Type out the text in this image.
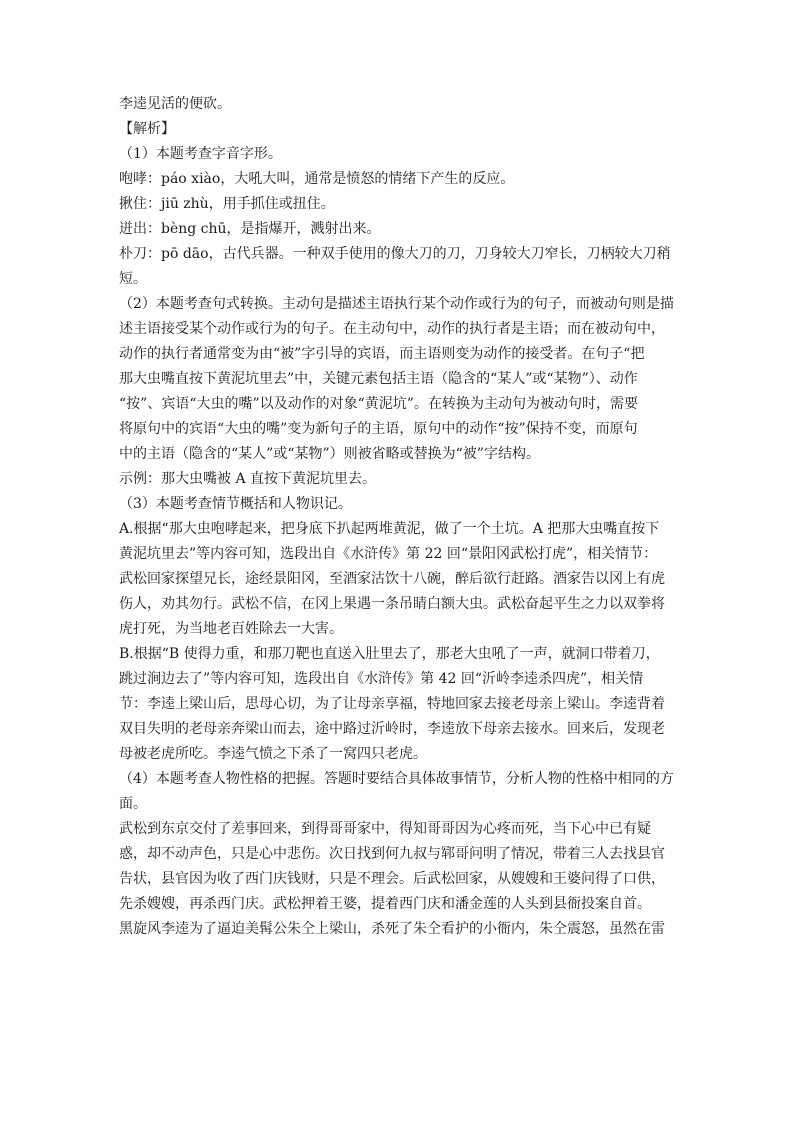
李逵见活的便砍。
【解析】
（1）本题考查字音字形。
咆哮：páo xiào，大吼大叫，通常是愤怒的情绪下产生的反应。
揪住：jiū zhù，用手抓住或扭住。
迸出：bèng chū，是指爆开，溅射出来。
朴刀：pō dāo，古代兵器。一种双手使用的像大刀的刀，刀身较大刀窄长，刀柄较大刀稍
短。
（2）本题考查句式转换。主动句是描述主语执行某个动作或行为的句子，而被动句则是描
述主语接受某个动作或行为的句子。在主动句中，动作的执行者是主语；而在被动句中，
动作的执行者通常变为由“被”字引导的宾语，而主语则变为动作的接受者。在句子“把
那大虫嘴直按下黄泥坑里去”中，关键元素包括主语（隐含的“某人”或“某物”）、动作
“按”、宾语“大虫的嘴”以及动作的对象“黄泥坑”。在转换为主动句为被动句时，需要
将原句中的宾语“大虫的嘴”变为新句子的主语，原句中的动作“按”保持不变，而原句
中的主语（隐含的“某人”或“某物”）则被省略或替换为“被”字结构。
示例：那大虫嘴被 A 直按下黄泥坑里去。
（3）本题考查情节概括和人物识记。
A.根据“那大虫咆哮起来，把身底下扒起两堆黄泥，做了一个土坑。A 把那大虫嘴直按下
黄泥坑里去”等内容可知，选段出自《水浒传》第 22 回“景阳冈武松打虎”，相关情节：
武松回家探望兄长，途经景阳冈，至酒家沽饮十八碗，醉后欲行赶路。酒家告以冈上有虎
伤人，劝其勿行。武松不信，在冈上果遇一条吊睛白额大虫。武松奋起平生之力以双拳将
虎打死，为当地老百姓除去一大害。
B.根据“B 使得力重，和那刀靶也直送入肚里去了，那老大虫吼了一声，就洞口带着刀，
跳过涧边去了”等内容可知，选段出自《水浒传》第 42 回“沂岭李逵杀四虎”，相关情
节：李逵上梁山后，思母心切，为了让母亲享福，特地回家去接老母亲上梁山。李逵背着
双目失明的老母亲奔梁山而去，途中路过沂岭时，李逵放下母亲去接水。回来后，发现老
母被老虎所吃。李逵气愤之下杀了一窝四只老虎。
（4）本题考查人物性格的把握。答题时要结合具体故事情节，分析人物的性格中相同的方
面。
武松到东京交付了差事回来，到得哥哥家中，得知哥哥因为心疼而死，当下心中已有疑
惑，却不动声色，只是心中悲伤。次日找到何九叔与郓哥问明了情况，带着三人去找县官
告状，县官因为收了西门庆钱财，只是不理会。后武松回家，从嫂嫂和王婆问得了口供，
先杀嫂嫂，再杀西门庆。武松押着王婆，提着西门庆和潘金莲的人头到县衙投案自首。
黑旋风李逵为了逼迫美髯公朱仝上梁山，杀死了朱仝看护的小衙内，朱仝震怒，虽然在雷
